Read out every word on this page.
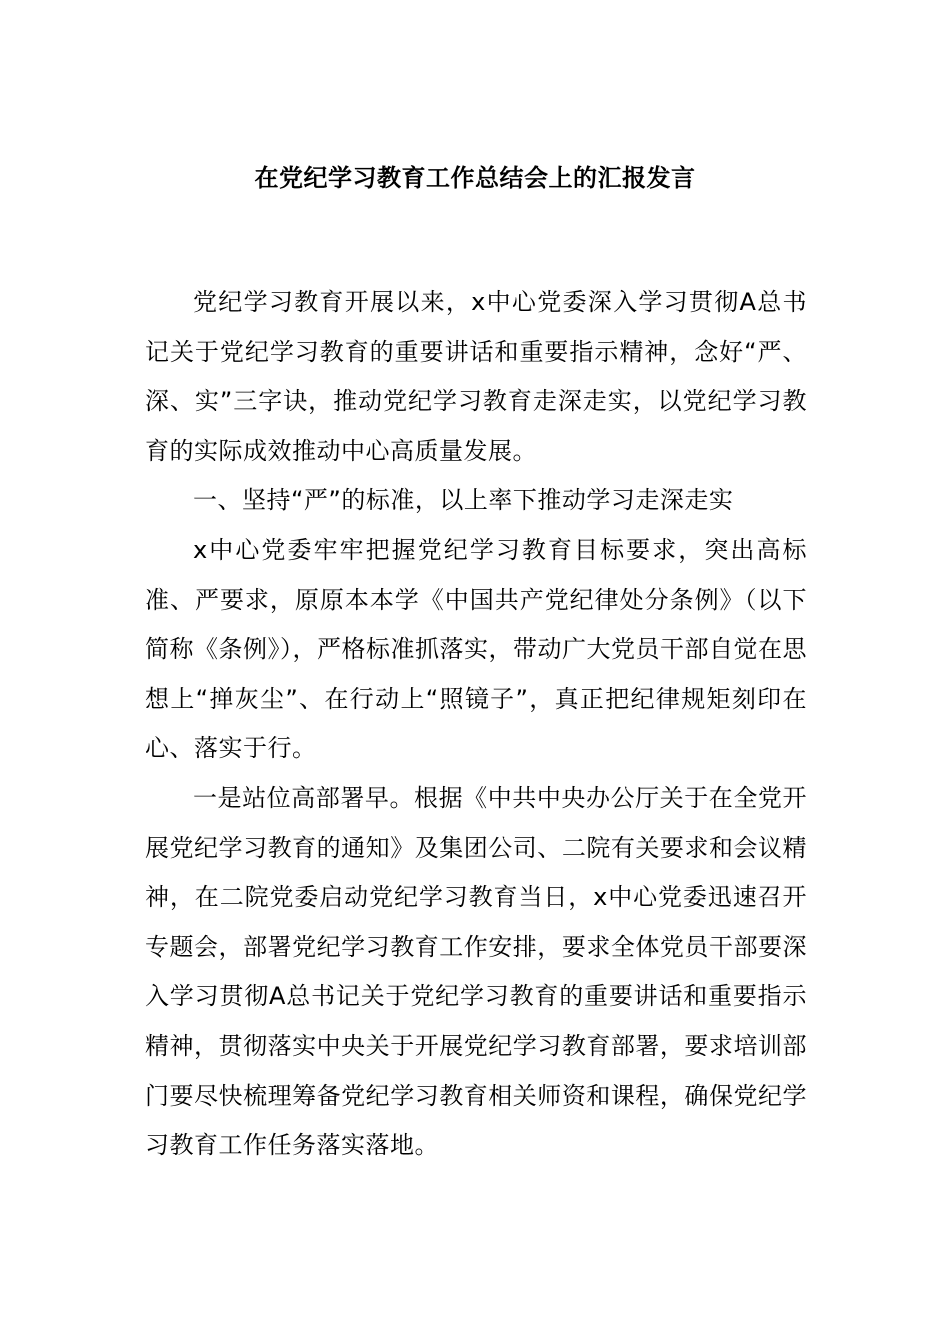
在党纪学习教育工作总结会上的汇报发言

党纪学习教育开展以来，x中心党委深入学习贯彻A总书记关于党纪学习教育的重要讲话和重要指示精神，念好“严、深、实”三字诀，推动党纪学习教育走深走实，以党纪学习教育的实际成效推动中心高质量发展。

一、坚持“严”的标准，以上率下推动学习走深走实

x中心党委牢牢把握党纪学习教育目标要求，突出高标准、严要求，原原本本学《中国共产党纪律处分条例》（以下简称《条例》），严格标准抓落实，带动广大党员干部自觉在思想上“掸灰尘”、在行动上“照镜子”，真正把纪律规矩刻印在心、落实于行。

一是站位高部署早。根据《中共中央办公厅关于在全党开展党纪学习教育的通知》及集团公司、二院有关要求和会议精神，在二院党委启动党纪学习教育当日，x中心党委迅速召开专题会，部署党纪学习教育工作安排，要求全体党员干部要深入学习贯彻A总书记关于党纪学习教育的重要讲话和重要指示精神，贯彻落实中央关于开展党纪学习教育部署，要求培训部门要尽快梳理筹备党纪学习教育相关师资和课程，确保党纪学习教育工作任务落实落地。
